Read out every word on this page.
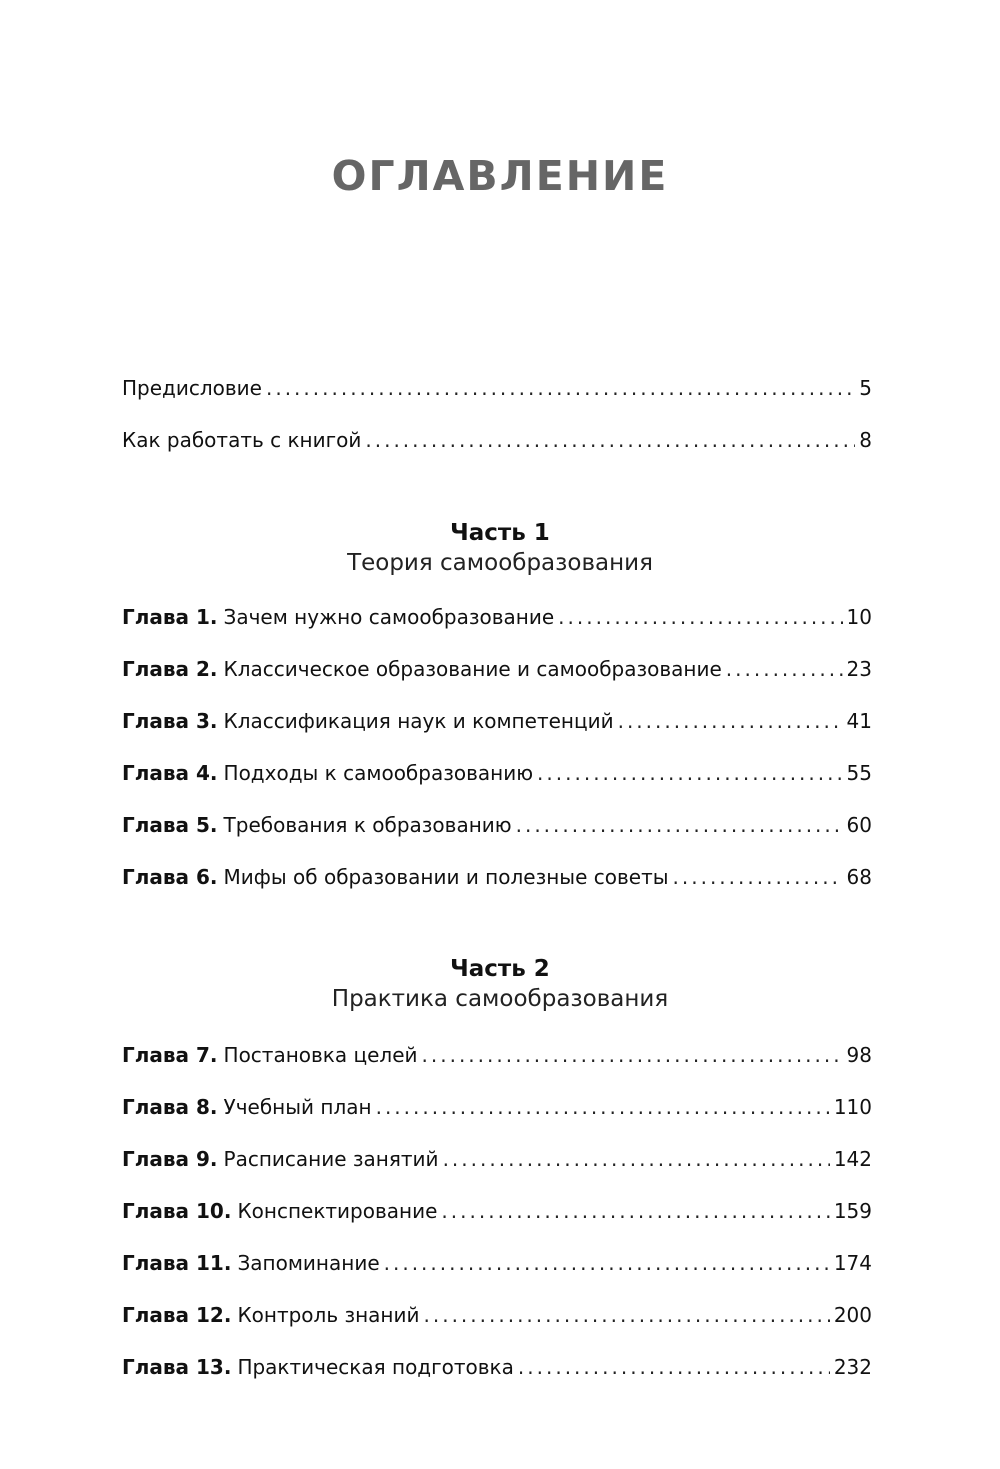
ОГЛАВЛЕНИЕ
Предисловие .....	5
Как работать с книгой .....	8
Часть 1
Теория самообразования
Глава 1. Зачем нужно самообразование .....	10
Глава 2. Классическое образование и самообразование .....	23
Глава 3. Классификация наук и компетенций .....	41
Глава 4. Подходы к самообразованию .....	55
Глава 5. Требования к образованию .....	60
Глава 6. Мифы об образовании и полезные советы .....	68
Часть 2
Практика самообразования
Глава 7. Постановка целей .....	98
Глава 8. Учебный план .....	110
Глава 9. Расписание занятий .....	142
Глава 10. Конспектирование .....	159
Глава 11. Запоминание .....	174
Глава 12. Контроль знаний .....	200
Глава 13. Практическая подготовка .....	232
